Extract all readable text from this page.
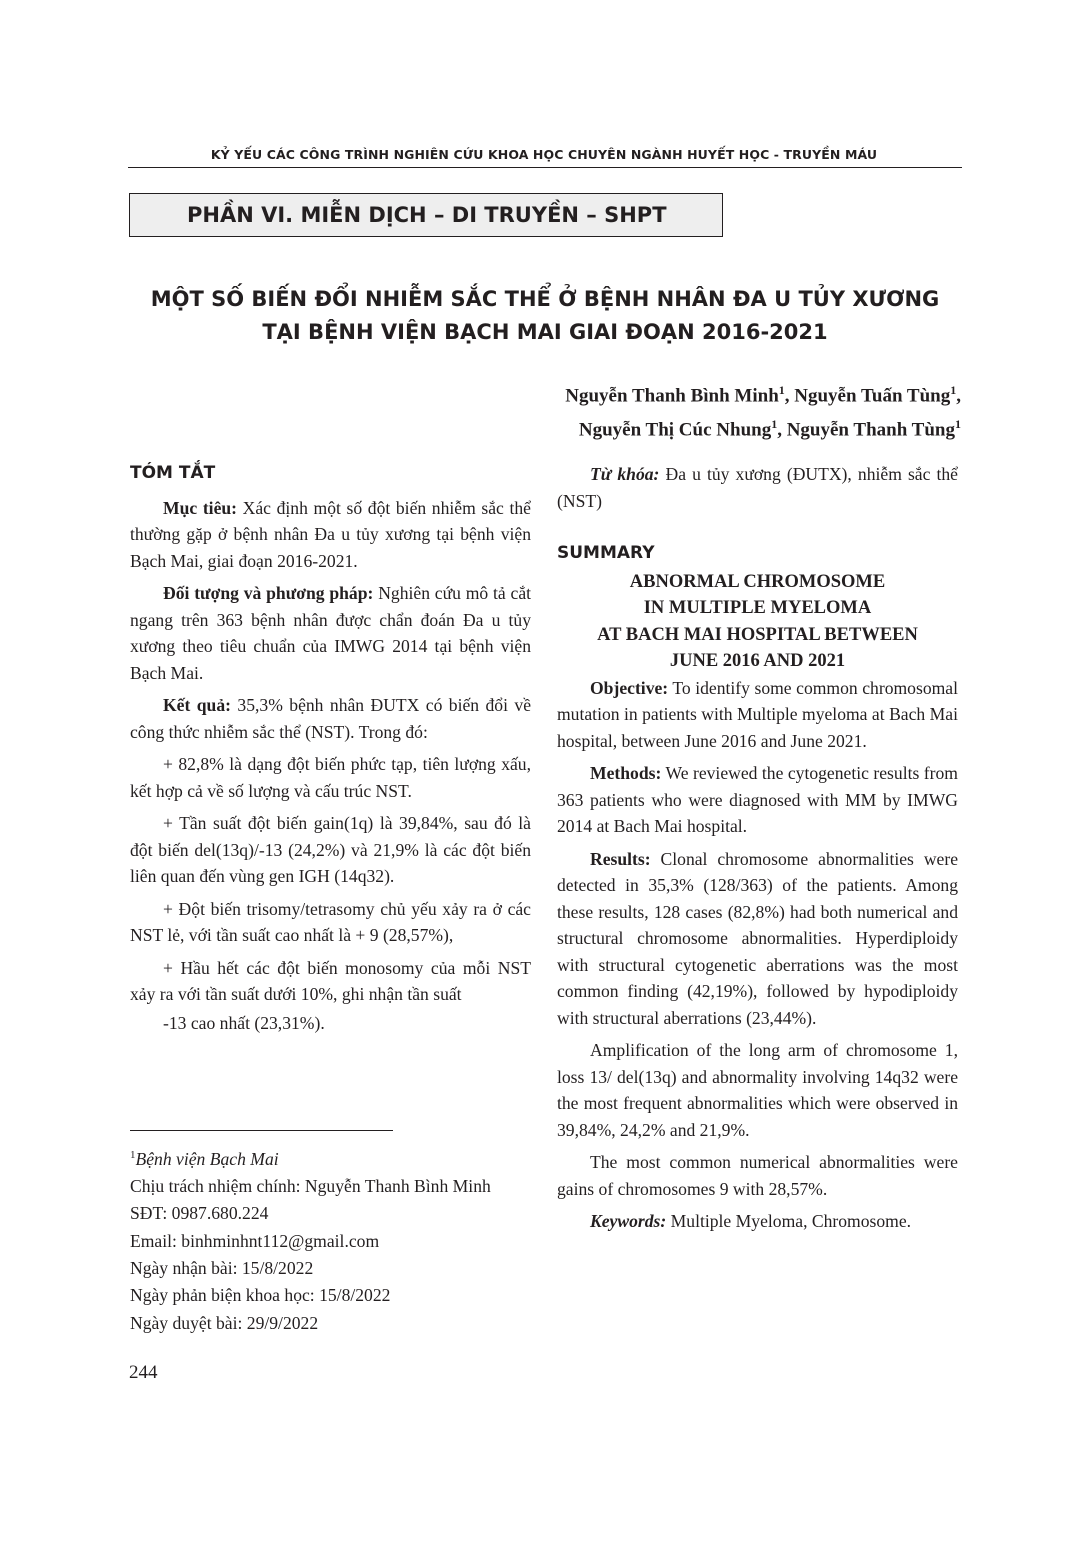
KỶ YẾU CÁC CÔNG TRÌNH NGHIÊN CỨU KHOA HỌC CHUYÊN NGÀNH HUYẾT HỌC - TRUYỀN MÁU
PHẦN VI. MIỄN DỊCH – DI TRUYỀN – SHPT
MỘT SỐ BIẾN ĐỔI NHIỄM SẮC THỂ Ở BỆNH NHÂN ĐA U TỦY XƯƠNG
TẠI BỆNH VIỆN BẠCH MAI GIAI ĐOẠN 2016-2021
Nguyễn Thanh Bình Minh$^1$, Nguyễn Tuấn Tùng$^1$,
Nguyễn Thị Cúc Nhung$^1$, Nguyễn Thanh Tùng$^1$

TÓM TẮT

Mục tiêu: Xác định một số đột biến nhiễm sắc thể thường gặp ở bệnh nhân Đa u tủy xương tại bệnh viện Bạch Mai, giai đoạn 2016-2021.

Đối tượng và phương pháp: Nghiên cứu mô tả cắt ngang trên 363 bệnh nhân được chẩn đoán Đa u tủy xương theo tiêu chuẩn của IMWG 2014 tại bệnh viện Bạch Mai.

Kết quả: 35,3% bệnh nhân ĐUTX có biến đổi về công thức nhiễm sắc thể (NST). Trong đó:

+ 82,8% là dạng đột biến phức tạp, tiên lượng xấu, kết hợp cả về số lượng và cấu trúc NST.

+ Tần suất đột biến gain(1q) là 39,84%, sau đó là đột biến del(13q)/-13 (24,2%) và 21,9% là các đột biến liên quan đến vùng gen IGH (14q32).

+ Đột biến trisomy/tetrasomy chủ yếu xảy ra ở các NST lẻ, với tần suất cao nhất là + 9 (28,57%),

+ Hầu hết các đột biến monosomy của mỗi NST xảy ra với tần suất dưới 10%, ghi nhận tần suất

-13 cao nhất (23,31%).

$^1$Bệnh viện Bạch Mai
Chịu trách nhiệm chính: Nguyễn Thanh Bình Minh
SĐT: 0987.680.224
Email: binhminhnt112@gmail.com
Ngày nhận bài: 15/8/2022
Ngày phản biện khoa học: 15/8/2022
Ngày duyệt bài: 29/9/2022

Từ khóa: Đa u tủy xương (ĐUTX), nhiễm sắc thể (NST)

SUMMARY

ABNORMAL CHROMOSOME

IN MULTIPLE MYELOMA

AT BACH MAI HOSPITAL BETWEEN

JUNE 2016 AND 2021

Objective: To identify some common chromosomal mutation in patients with Multiple myeloma at Bach Mai hospital, between June 2016 and June 2021.

Methods: We reviewed the cytogenetic results from 363 patients who were diagnosed with MM by IMWG 2014 at Bach Mai hospital.

Results: Clonal chromosome abnormalities were detected in 35,3% (128/363) of the patients. Among these results, 128 cases (82,8%) had both numerical and structural chromosome abnormalities. Hyperdiploidy with structural cytogenetic aberrations was the most common finding (42,19%), followed by hypodiploidy with structural aberrations (23,44%).

Amplification of the long arm of chromosome 1, loss 13/ del(13q) and abnormality involving 14q32 were the most frequent abnormalities which were observed in 39,84%, 24,2% and 21,9%.

The most common numerical abnormalities were gains of chromosomes 9 with 28,57%.

Keywords: Multiple Myeloma, Chromosome.

244
